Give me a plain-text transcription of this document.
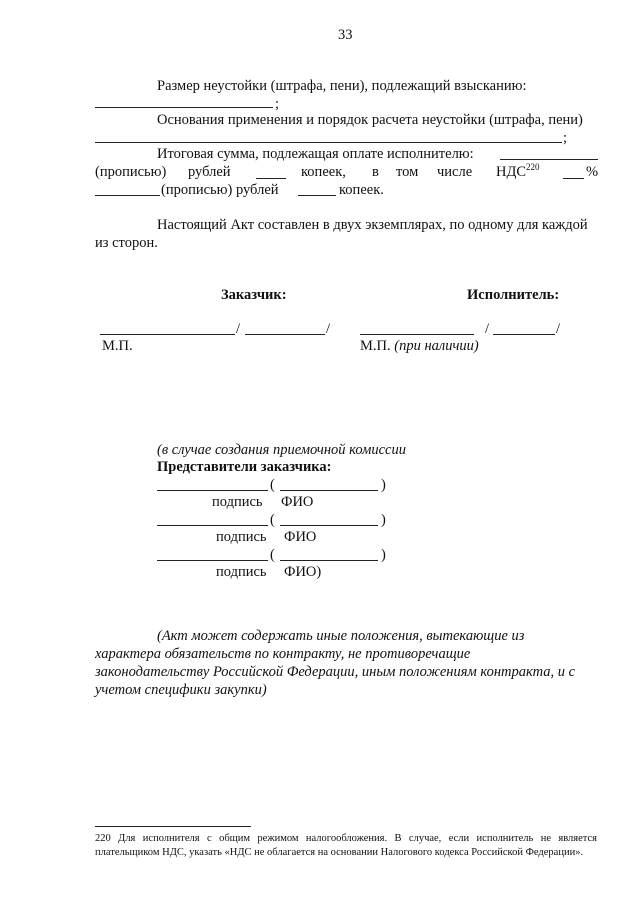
33
Размер неустойки (штрафа, пени), подлежащий взысканию:
;
Основания применения и порядок расчета неустойки (штрафа, пени)
;
Итоговая сумма, подлежащая оплате исполнителю:
(прописью) рублей	копеек, в том числе НДС$^{220}$	%
(прописью) рублей	копеек.
Настоящий Акт составлен в двух экземплярах, по одному для каждой
из сторон.
Заказчик:	Исполнитель:
/	/	/	/
М.П.	М.П. (при наличии)
(в случае создания приемочной комиссии
Представители заказчика:
(	)
подпись ФИО
(	)
подпись ФИО
(	)
подпись ФИО)
(Акт может содержать иные положения, вытекающие из
характера обязательств по контракту, не противоречащие
законодательству Российской Федерации, иным положениям контракта, и с
учетом специфики закупки)
220 Для исполнителя с общим режимом налогообложения. В случае, если исполнитель не является
плательщиком НДС, указать «НДС не облагается на основании Налогового кодекса Российской Федерации».
